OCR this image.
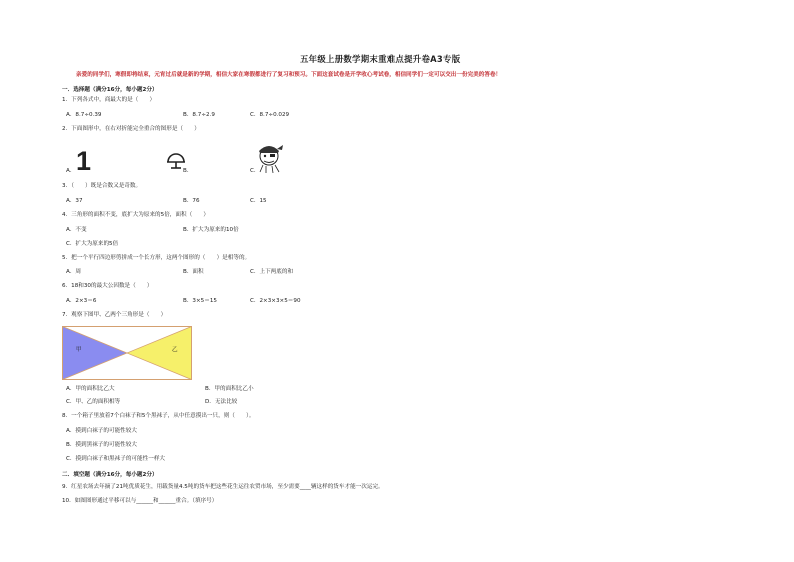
五年级上册数学期末重难点提升卷A3专版
亲爱的同学们，寒假即将结束，元宵过后就是新的学期，相信大家在寒假都进行了复习和预习。下面这套试卷是开学收心考试卷，相信同学们一定可以交出一份完美的答卷！
一．选择题（满分16分，每小题2分）
1．下列各式中，商最大的是（　　）
A．8.7÷0.39	B．8.7÷2.9	C．8.7÷0.029
2．下面图形中，在右对折能完全重合的图形是（　　）
1
A．	B．	C．
3．（　　）既是合数又是奇数。
A．37	B．76	C．15
4．三角形的面积不变，底扩大为原来的5倍，面积（　　）
A．不变	B．扩大为原来的10倍
C．扩大为原来的5倍
5．把一个平行四边形剪拼成一个长方形，这两个图形的（　　）是相等的。
A．周	B．面积	C．上下两底的和
6．18和30的最大公因数是（　　）
A．2×3＝6	B．3×5＝15	C．2×3×3×5＝90
7．观察下图甲、乙两个三角形是（　　）
甲	乙
A．甲的面积比乙大	B．甲的面积比乙小
C．甲、乙的面积相等	D．无法比较
8．一个箱子里放着7个白袜子和5个黑袜子，从中任意摸出一只，则（　　）。
A．摸到白袜子的可能性较大
B．摸到黑袜子的可能性较大
C．摸到白袜子和黑袜子的可能性一样大
二．填空题（满分16分，每小题2分）
9．红星农场去年摘了21吨优质花生，用载货量4.5吨的货车把这些花生运往农贸市场，至少需要____辆这样的货车才能一次运完。
10．如图图形通过平移可以与______和______重合。（填序号）
